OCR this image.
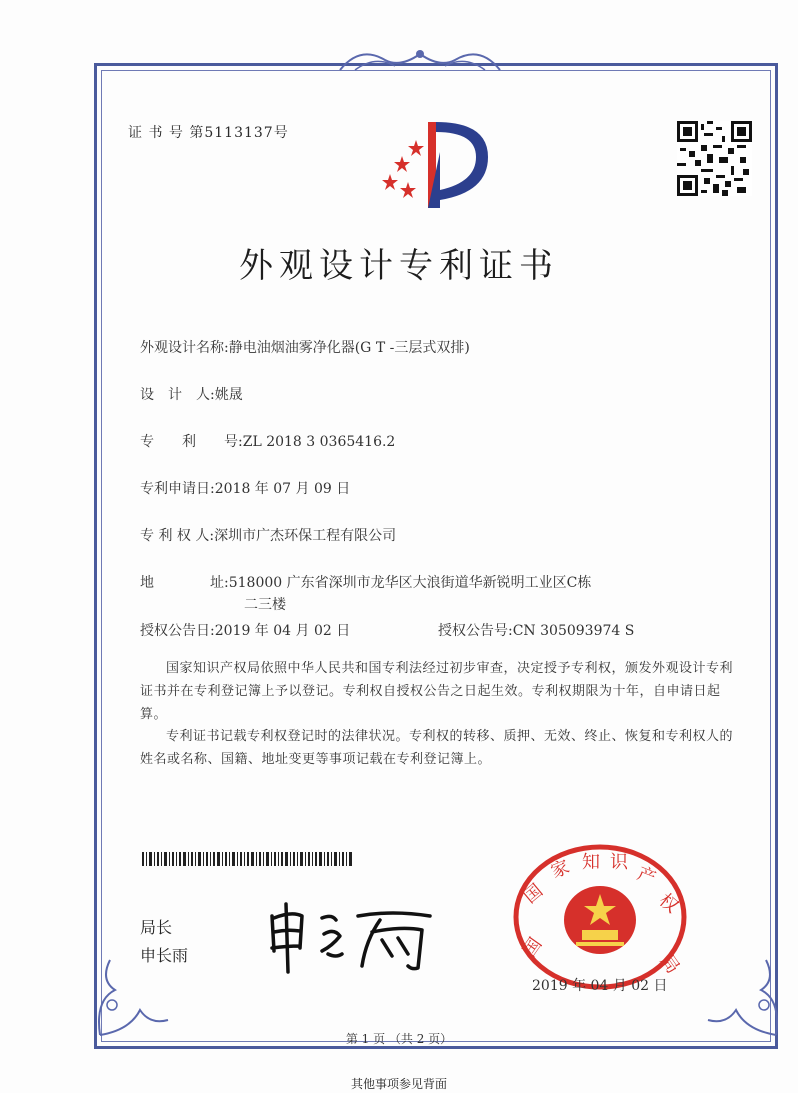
证 书 号 第5113137号
外观设计专利证书
外观设计名称:静电油烟油雾净化器(G T -三层式双排)
设　计　人:姚晟
专　　利　　号:ZL 2018 3 0365416.2
专利申请日:2018 年 07 月 09 日
专 利 权 人:深圳市广杰环保工程有限公司
地　　　　址:518000 广东省深圳市龙华区大浪街道华新锐明工业区C栋
二三楼
授权公告日:2019 年 04 月 02 日	授权公告号:CN 305093974 S
国家知识产权局依照中华人民共和国专利法经过初步审查，决定授予专利权，颁发外观设计专利证书并在专利登记簿上予以登记。专利权自授权公告之日起生效。专利权期限为十年，自申请日起算。
专利证书记载专利权登记时的法律状况。专利权的转移、质押、无效、终止、恢复和专利权人的姓名或名称、国籍、地址变更等事项记载在专利登记簿上。
局长
申长雨
国
家 知 识
产
权
国
局
2019 年 04 月 02 日
第 1 页 （共 2 页）
其他事项参见背面
